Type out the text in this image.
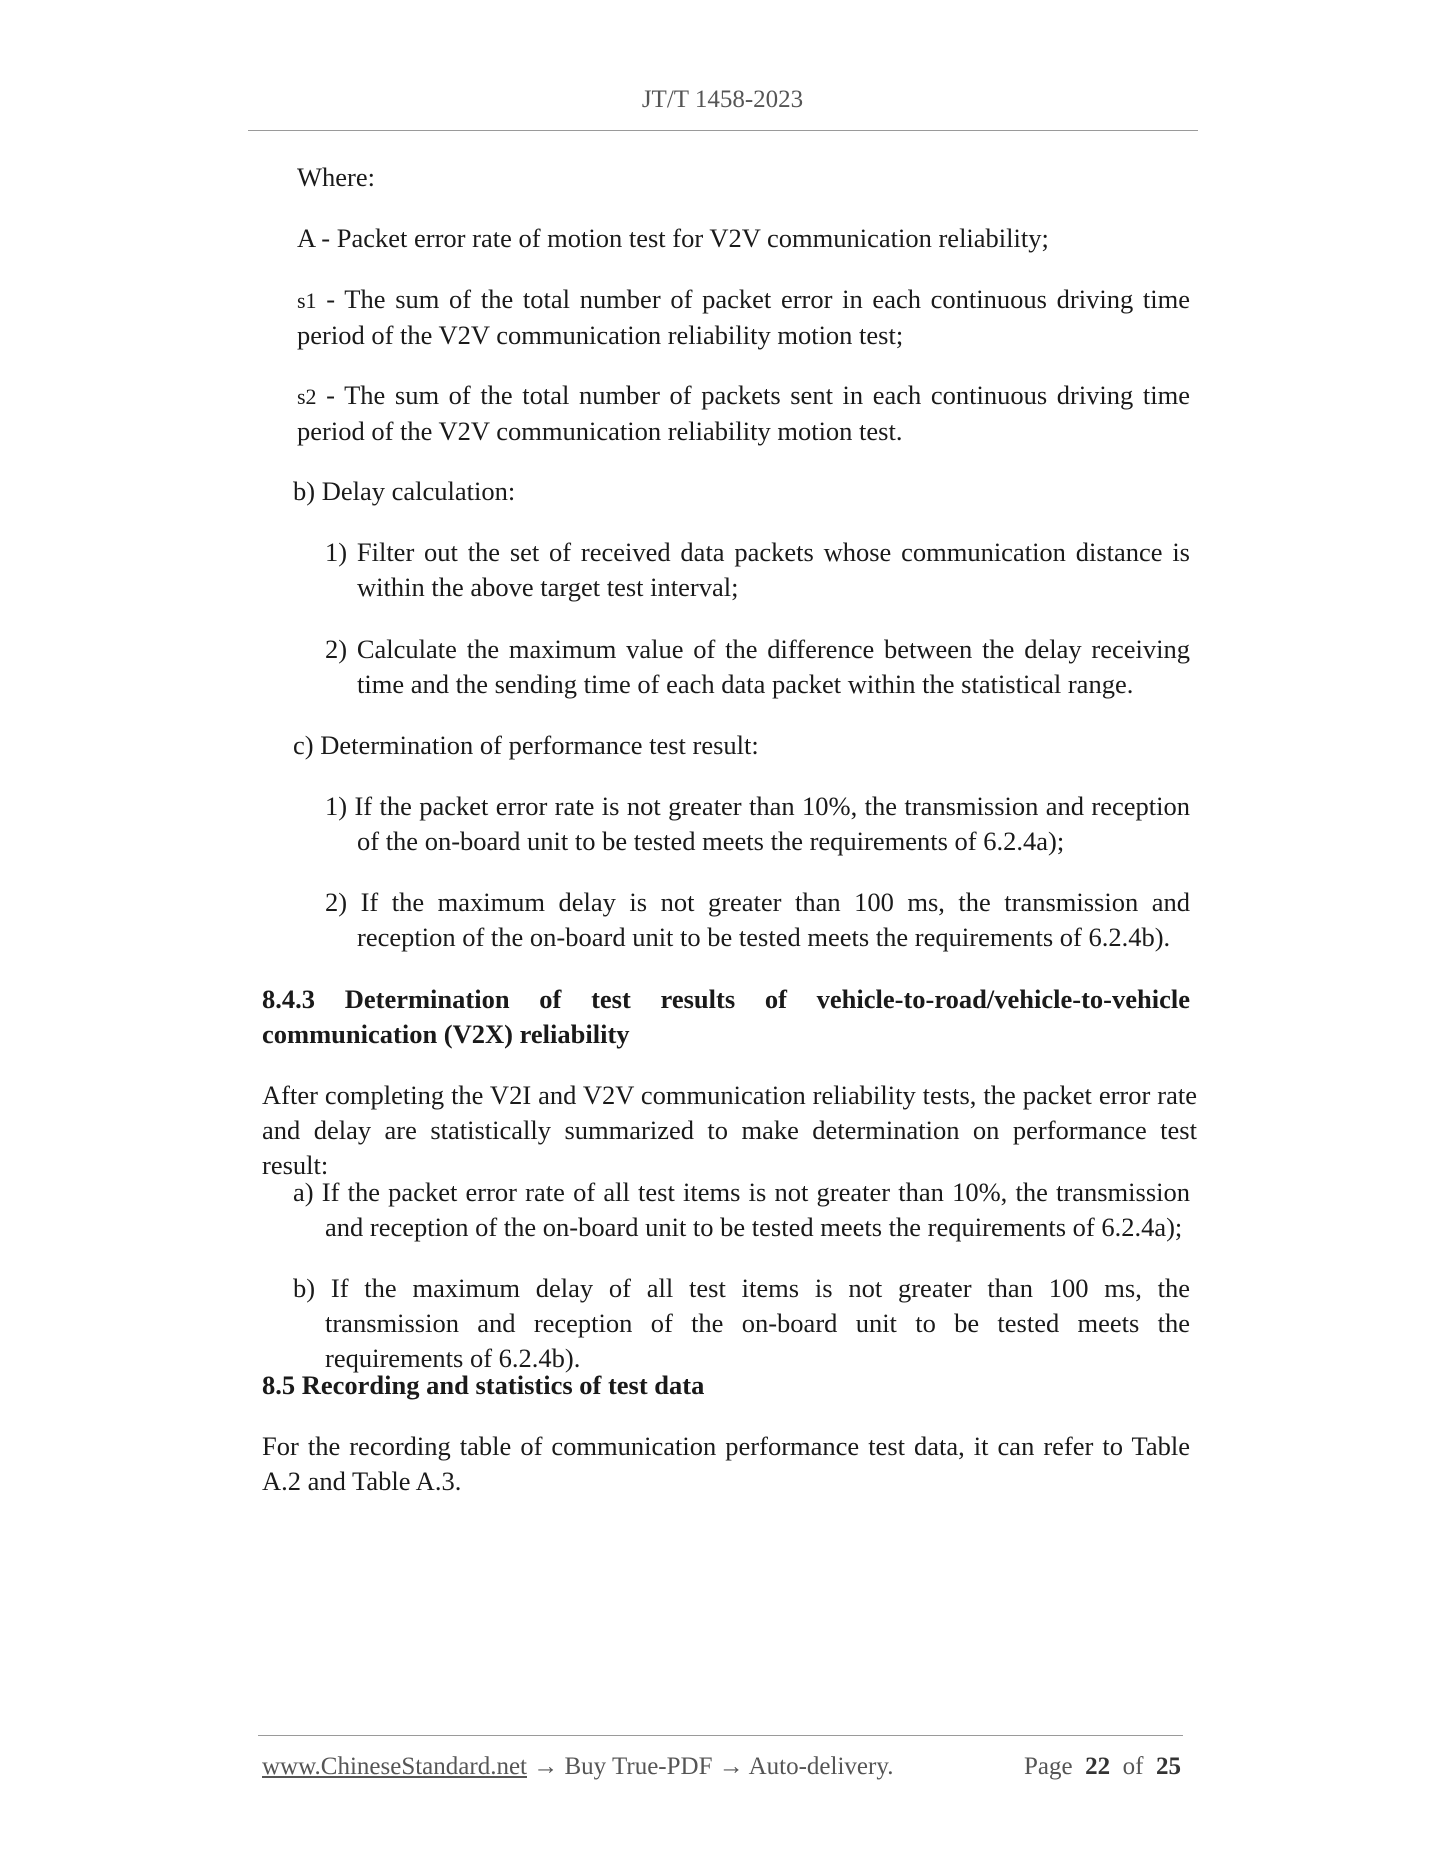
JT/T 1458-2023

Where:

A - Packet error rate of motion test for V2V communication reliability;

s1 - The sum of the total number of packet error in each continuous driving time period of the V2V communication reliability motion test;

s2 - The sum of the total number of packets sent in each continuous driving time period of the V2V communication reliability motion test.

b) Delay calculation:

1) Filter out the set of received data packets whose communication distance is within the above target test interval;

2) Calculate the maximum value of the difference between the delay receiving time and the sending time of each data packet within the statistical range.

c) Determination of performance test result:

1) If the packet error rate is not greater than 10%, the transmission and reception of the on-board unit to be tested meets the requirements of 6.2.4a);

2) If the maximum delay is not greater than 100 ms, the transmission and reception of the on-board unit to be tested meets the requirements of 6.2.4b).

8.4.3 Determination of test results of vehicle-to-road/vehicle-to-vehicle communication (V2X) reliability

After completing the V2I and V2V communication reliability tests, the packet error rate and delay are statistically summarized to make determination on performance test result:

a) If the packet error rate of all test items is not greater than 10%, the transmission and reception of the on-board unit to be tested meets the requirements of 6.2.4a);

b) If the maximum delay of all test items is not greater than 100 ms, the transmission and reception of the on-board unit to be tested meets the requirements of 6.2.4b).

8.5 Recording and statistics of test data

For the recording table of communication performance test data, it can refer to Table A.2 and Table A.3.

www.ChineseStandard.net → Buy True-PDF → Auto-delivery.	Page 22 of 25
